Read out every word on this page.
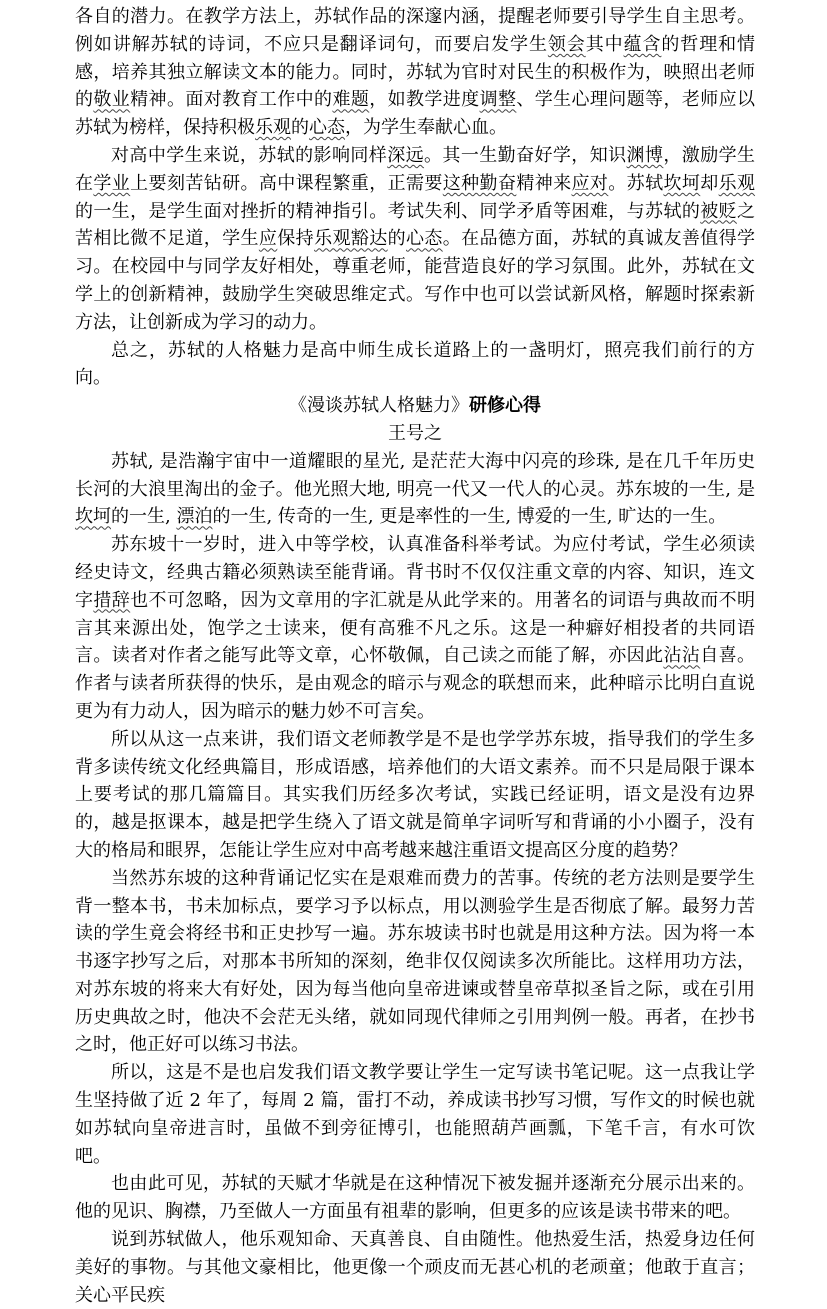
各自的潜力。在教学方法上，苏轼作品的深邃内涵，提醒老师要引导学生自主思考。例如讲解苏轼的诗词，不应只是翻译词句，而要启发学生领会其中蕴含的哲理和情感，培养其独立解读文本的能力。同时，苏轼为官时对民生的积极作为，映照出老师的敬业精神。面对教育工作中的难题，如教学进度调整、学生心理问题等，老师应以苏轼为榜样，保持积极乐观的心态，为学生奉献心血。

对高中学生来说，苏轼的影响同样深远。其一生勤奋好学，知识渊博，激励学生在学业上要刻苦钻研。高中课程繁重，正需要这种勤奋精神来应对。苏轼坎坷却乐观的一生，是学生面对挫折的精神指引。考试失利、同学矛盾等困难，与苏轼的被贬之苦相比微不足道，学生应保持乐观豁达的心态。在品德方面，苏轼的真诚友善值得学习。在校园中与同学友好相处，尊重老师，能营造良好的学习氛围。此外，苏轼在文学上的创新精神，鼓励学生突破思维定式。写作中也可以尝试新风格，解题时探索新方法，让创新成为学习的动力。

总之，苏轼的人格魅力是高中师生成长道路上的一盏明灯，照亮我们前行的方向。

《漫谈苏轼人格魅力》研修心得

王号之

苏轼, 是浩瀚宇宙中一道耀眼的星光, 是茫茫大海中闪亮的珍珠, 是在几千年历史长河的大浪里淘出的金子。他光照大地, 明亮一代又一代人的心灵。苏东坡的一生, 是坎坷的一生, 漂泊的一生, 传奇的一生, 更是率性的一生, 博爱的一生, 旷达的一生。

苏东坡十一岁时，进入中等学校，认真准备科举考试。为应付考试，学生必须读经史诗文，经典古籍必须熟读至能背诵。背书时不仅仅注重文章的内容、知识，连文字措辞也不可忽略，因为文章用的字汇就是从此学来的。用著名的词语与典故而不明言其来源出处，饱学之士读来，便有高雅不凡之乐。这是一种癖好相投者的共同语言。读者对作者之能写此等文章，心怀敬佩，自己读之而能了解，亦因此沾沾自喜。作者与读者所获得的快乐，是由观念的暗示与观念的联想而来，此种暗示比明白直说更为有力动人，因为暗示的魅力妙不可言矣。

所以从这一点来讲，我们语文老师教学是不是也学学苏东坡，指导我们的学生多背多读传统文化经典篇目，形成语感，培养他们的大语文素养。而不只是局限于课本上要考试的那几篇篇目。其实我们历经多次考试，实践已经证明，语文是没有边界的，越是抠课本，越是把学生绕入了语文就是简单字词听写和背诵的小小圈子，没有大的格局和眼界，怎能让学生应对中高考越来越注重语文提高区分度的趋势？

当然苏东坡的这种背诵记忆实在是艰难而费力的苦事。传统的老方法则是要学生背一整本书，书未加标点，要学习予以标点，用以测验学生是否彻底了解。最努力苦读的学生竟会将经书和正史抄写一遍。苏东坡读书时也就是用这种方法。因为将一本书逐字抄写之后，对那本书所知的深刻，绝非仅仅阅读多次所能比。这样用功方法，对苏东坡的将来大有好处，因为每当他向皇帝进谏或替皇帝草拟圣旨之际，或在引用历史典故之时，他决不会茫无头绪，就如同现代律师之引用判例一般。再者，在抄书之时，他正好可以练习书法。

所以，这是不是也启发我们语文教学要让学生一定写读书笔记呢。这一点我让学生坚持做了近 2 年了，每周 2 篇，雷打不动，养成读书抄写习惯，写作文的时候也就如苏轼向皇帝进言时，虽做不到旁征博引，也能照葫芦画瓢，下笔千言，有水可饮吧。

也由此可见，苏轼的天赋才华就是在这种情况下被发掘并逐渐充分展示出来的。他的见识、胸襟，乃至做人一方面虽有祖辈的影响，但更多的应该是读书带来的吧。

说到苏轼做人，他乐观知命、天真善良、自由随性。他热爱生活，热爱身边任何美好的事物。与其他文豪相比，他更像一个顽皮而无甚心机的老顽童；他敢于直言；关心平民疾
